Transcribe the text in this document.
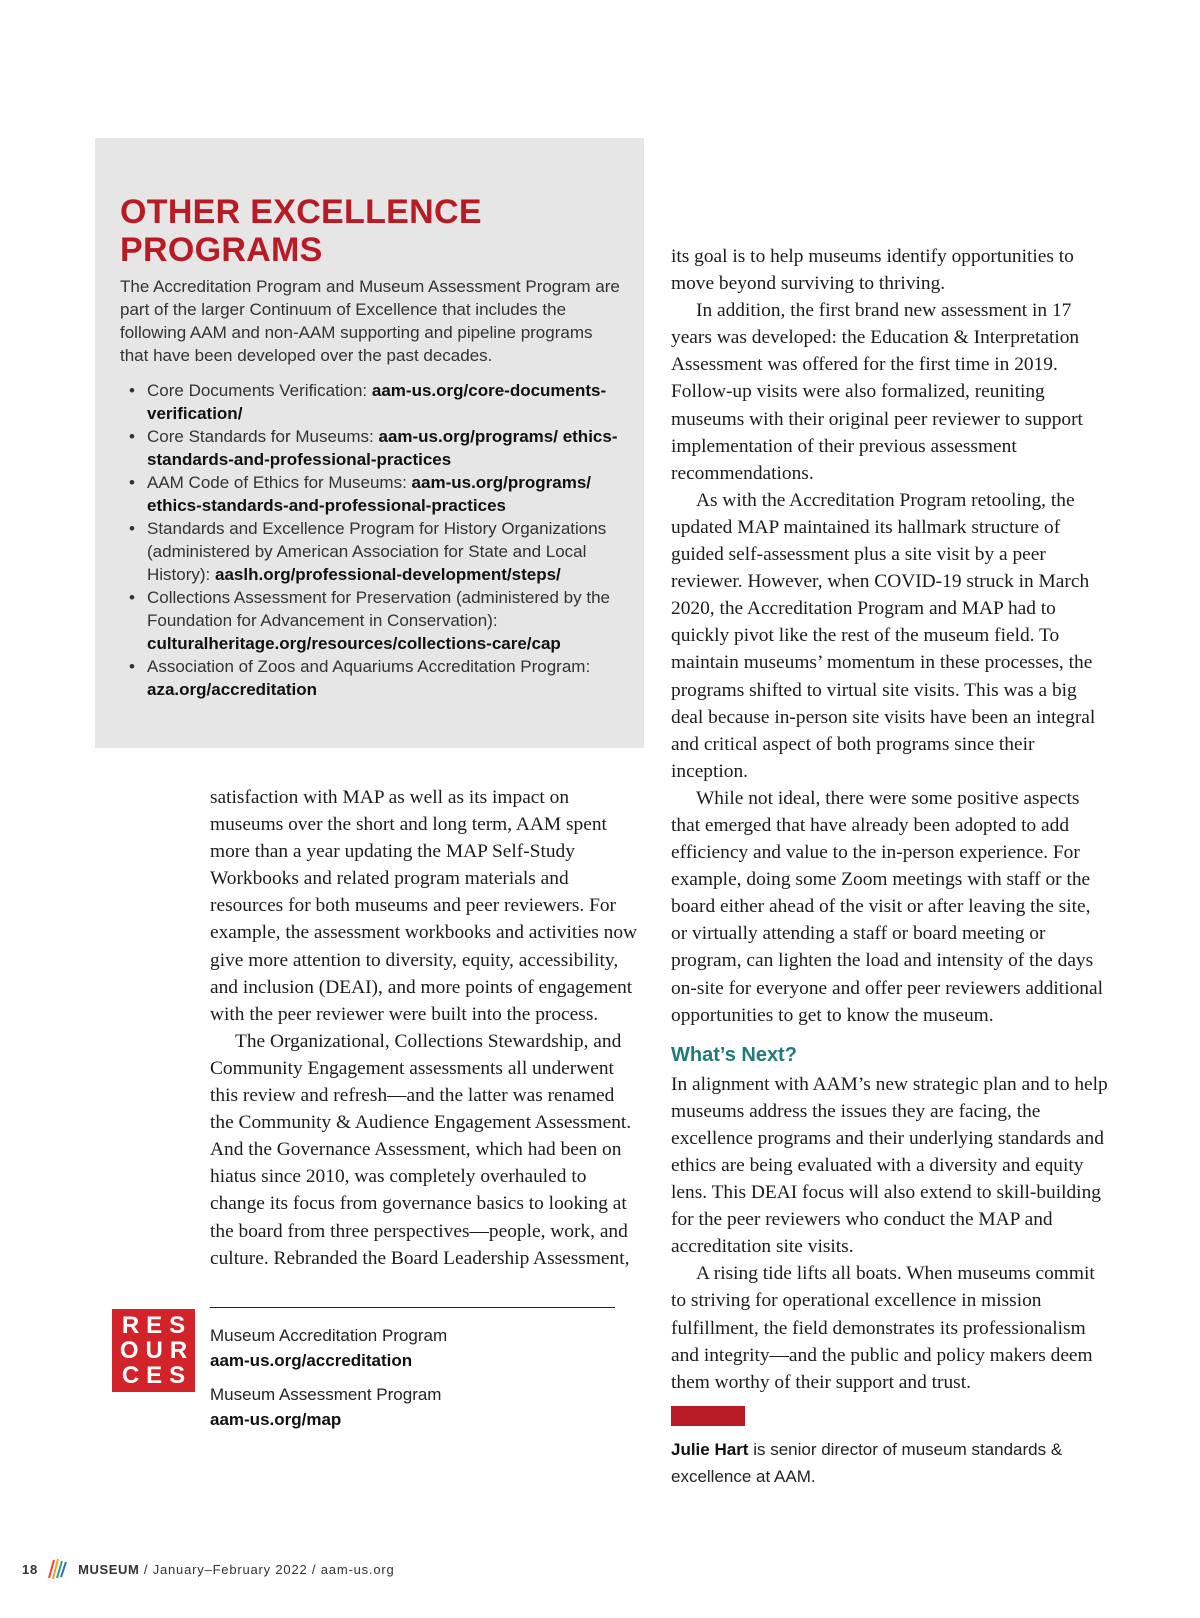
OTHER EXCELLENCE
PROGRAMS

The Accreditation Program and Museum Assessment Program are part of the larger Continuum of Excellence that includes the following AAM and non-AAM supporting and pipeline programs that have been developed over the past decades.

• Core Documents Verification: aam-us.org/core-documents-verification/
• Core Standards for Museums: aam-us.org/programs/ ethics-standards-and-professional-practices
• AAM Code of Ethics for Museums: aam-us.org/programs/ ethics-standards-and-professional-practices
• Standards and Excellence Program for History Organizations (administered by American Association for State and Local History): aaslh.org/professional-development/steps/
• Collections Assessment for Preservation (administered by the Foundation for Advancement in Conservation): culturalheritage.org/resources/collections-care/cap
• Association of Zoos and Aquariums Accreditation Program: aza.org/accreditation

satisfaction with MAP as well as its impact on museums over the short and long term, AAM spent more than a year updating the MAP Self-Study Workbooks and related program materials and resources for both museums and peer reviewers. For example, the assessment workbooks and activities now give more attention to diversity, equity, accessibility, and inclusion (DEAI), and more points of engagement with the peer reviewer were built into the process.

The Organizational, Collections Stewardship, and Community Engagement assessments all underwent this review and refresh—and the latter was renamed the Community & Audience Engagement Assessment. And the Governance Assessment, which had been on hiatus since 2010, was completely overhauled to change its focus from governance basics to looking at the board from three perspectives—people, work, and culture. Rebranded the Board Leadership Assessment,

its goal is to help museums identify opportunities to move beyond surviving to thriving.

In addition, the first brand new assessment in 17 years was developed: the Education & Interpretation Assessment was offered for the first time in 2019. Follow-up visits were also formalized, reuniting museums with their original peer reviewer to support implementation of their previous assessment recommendations.

As with the Accreditation Program retooling, the updated MAP maintained its hallmark structure of guided self-assessment plus a site visit by a peer reviewer. However, when COVID-19 struck in March 2020, the Accreditation Program and MAP had to quickly pivot like the rest of the museum field. To maintain museums’ momentum in these processes, the programs shifted to virtual site visits. This was a big deal because in-person site visits have been an integral and critical aspect of both programs since their inception.

While not ideal, there were some positive aspects that emerged that have already been adopted to add efficiency and value to the in-person experience. For example, doing some Zoom meetings with staff or the board either ahead of the visit or after leaving the site, or virtually attending a staff or board meeting or program, can lighten the load and intensity of the days on-site for everyone and offer peer reviewers additional opportunities to get to know the museum.

What’s Next?

In alignment with AAM’s new strategic plan and to help museums address the issues they are facing, the excellence programs and their underlying standards and ethics are being evaluated with a diversity and equity lens. This DEAI focus will also extend to skill-building for the peer reviewers who conduct the MAP and accreditation site visits.

A rising tide lifts all boats. When museums commit to striving for operational excellence in mission fulfillment, the field demonstrates its professionalism and integrity—and the public and policy makers deem them worthy of their support and trust.

RES
OUR
CES
Museum Accreditation Program
aam-us.org/accreditation
Museum Assessment Program
aam-us.org/map
Julie Hart is senior director of museum standards & excellence at AAM.
18	MUSEUM / January–February 2022 / aam-us.org
